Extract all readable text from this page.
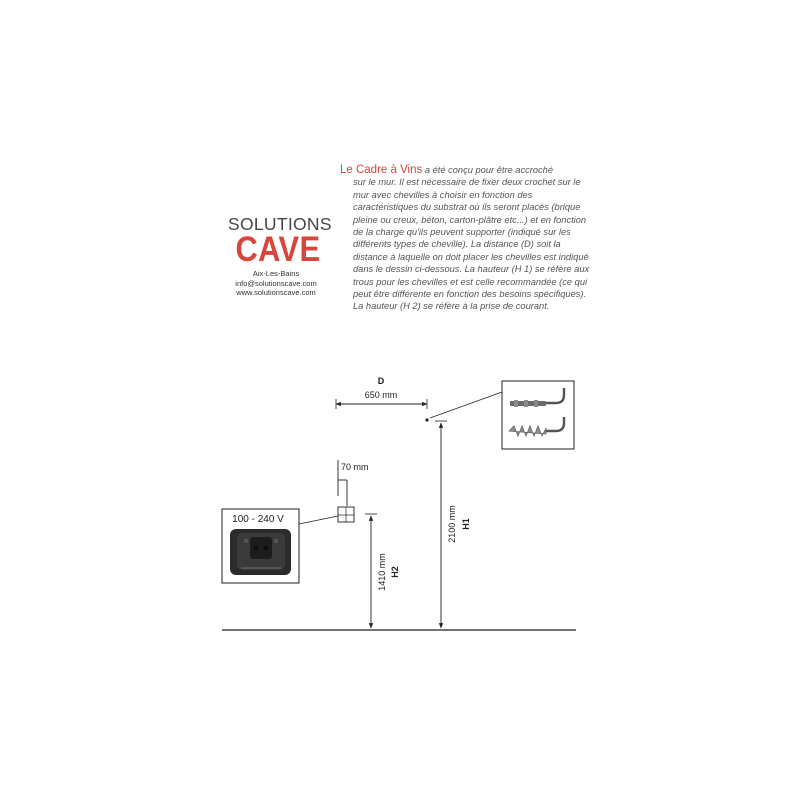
SOLUTIONS
CAVE
Aix-Les-Bains
info@solutionscave.com
www.solutionscave.com
Le Cadre à Vins a été conçu pour être accroché
sur le mur. Il est nécessaire de fixer deux crochet sur le mur avec chevilles à choisir en fonction des caractéristiques du substrat où ils seront placés (brique pleine ou creux, béton, carton-plâtre etc...) et en fonction de la charge qu'ils peuvent supporter (indiqué sur les différents types de cheville). La distance (D) soit la distance à laquelle on doit placer les chevilles est indiqué dans le dessin ci-dessous. La hauteur (H 1) se réfère aux trous pour les chevilles et est celle recommandée (ce qui peut être différente en fonction des besoins spécifiques). La hauteur (H 2) se réfère à la prise de courant.
D
650 mm
2100 mm H1
70 mm
100 - 240 V
1410 mm H2
